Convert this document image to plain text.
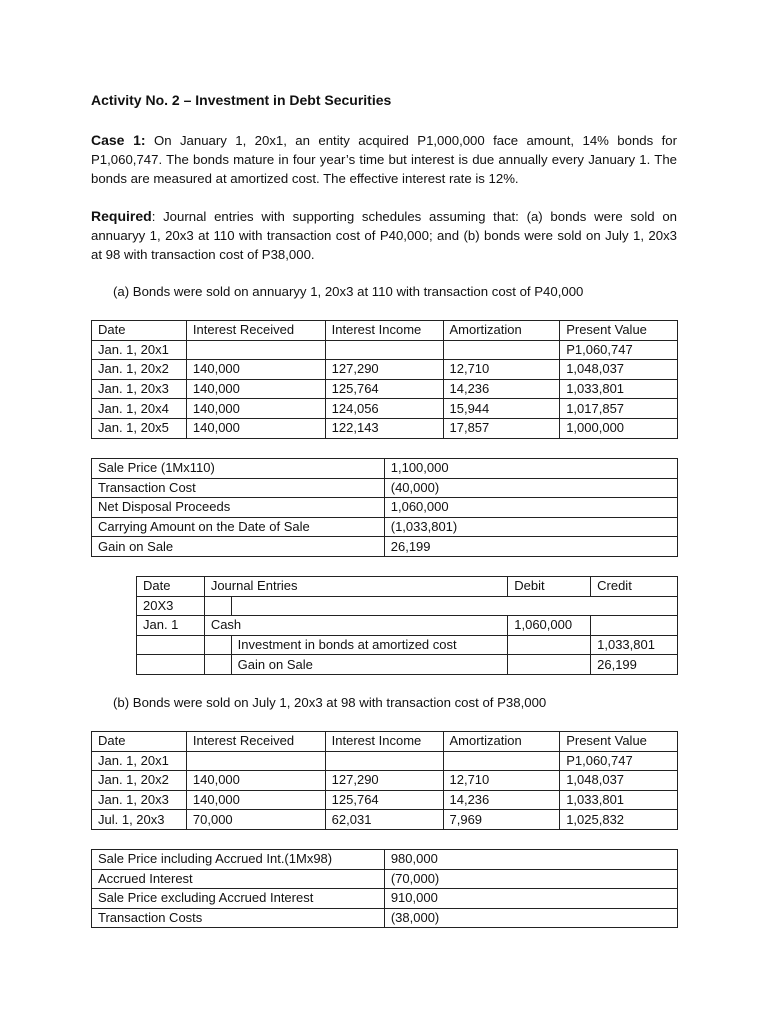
Activity No. 2 – Investment in Debt Securities
Case 1: On January 1, 20x1, an entity acquired P1,000,000 face amount, 14% bonds for P1,060,747. The bonds mature in four year’s time but interest is due annually every January 1. The bonds are measured at amortized cost. The effective interest rate is 12%.
Required: Journal entries with supporting schedules assuming that: (a) bonds were sold on annuaryy 1, 20x3 at 110 with transaction cost of P40,000; and (b) bonds were sold on July 1, 20x3 at 98 with transaction cost of P38,000.
(a) Bonds were sold on annuaryy 1, 20x3 at 110 with transaction cost of P40,000
Date	Interest Received	Interest Income	Amortization	Present Value
Jan. 1, 20x1				P1,060,747
Jan. 1, 20x2	140,000	127,290	12,710	1,048,037
Jan. 1, 20x3	140,000	125,764	14,236	1,033,801
Jan. 1, 20x4	140,000	124,056	15,944	1,017,857
Jan. 1, 20x5	140,000	122,143	17,857	1,000,000
Sale Price (1Mx110)	1,100,000
Transaction Cost	(40,000)
Net Disposal Proceeds	1,060,000
Carrying Amount on the Date of Sale	(1,033,801)
Gain on Sale	26,199
Date	Journal Entries		Debit	Credit
20X3				
Jan. 1	Cash		1,060,000	
		Investment in bonds at amortized cost		1,033,801
		Gain on Sale		26,199
(b) Bonds were sold on July 1, 20x3 at 98 with transaction cost of P38,000
Date	Interest Received	Interest Income	Amortization	Present Value
Jan. 1, 20x1				P1,060,747
Jan. 1, 20x2	140,000	127,290	12,710	1,048,037
Jan. 1, 20x3	140,000	125,764	14,236	1,033,801
Jul. 1, 20x3	70,000	62,031	7,969	1,025,832
Sale Price including Accrued Int.(1Mx98)	980,000
Accrued Interest	(70,000)
Sale Price excluding Accrued Interest	910,000
Transaction Costs	(38,000)
